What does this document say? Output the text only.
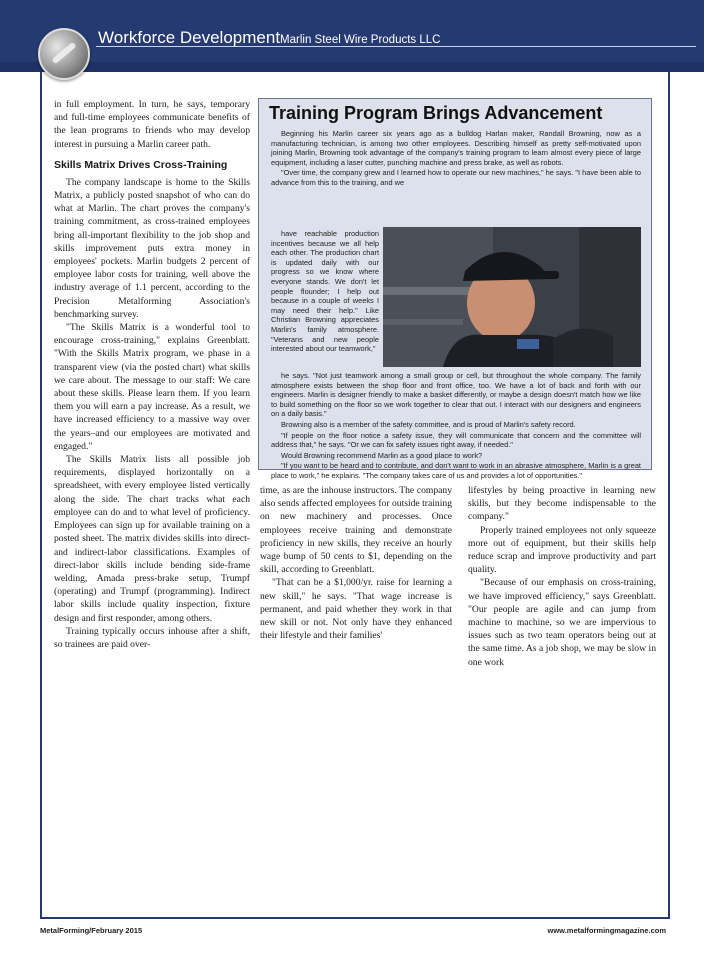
Workforce DevelopmentMarlin Steel Wire Products LLC

in full employment. In turn, he says, temporary and full-time employees communicate benefits of the lean programs to friends who may develop interest in pursuing a Marlin career path.

Skills Matrix Drives Cross-Training

The company landscape is home to the Skills Matrix, a publicly posted snapshot of who can do what at Marlin. The chart proves the company's training commitment, as cross-trained employees bring all-important flexibility to the job shop and skills improvement puts extra money in employees' pockets. Marlin budgets 2 percent of employee labor costs for training, well above the industry average of 1.1 percent, according to the Precision Metalforming Association's benchmarking survey.

"The Skills Matrix is a wonderful tool to encourage cross-training," explains Greenblatt. "With the Skills Matrix program, we phase in a transparent view (via the posted chart) what skills we care about. The message to our staff: We care about these skills. Please learn them. If you learn them you will earn a pay increase. As a result, we have increased efficiency to a massive way over the years–and our employees are motivated and engaged."

The Skills Matrix lists all possible job requirements, displayed horizontally on a spreadsheet, with every employee listed vertically along the side. The chart tracks what each employee can do and to what level of proficiency. Employees can sign up for available training on a posted sheet. The matrix divides skills into direct- and indirect-labor classifications. Examples of direct-labor skills include bending side-frame welding, Amada press-brake setup, Trumpf (operating) and Trumpf (programming). Indirect labor skills include quality inspection, fixture design and first responder, among others.

Training typically occurs inhouse after a shift, so trainees are paid over-

Training Program Brings Advancement

Beginning his Marlin career six years ago as a bulldog Harlan maker, Randall Browning, now as a manufacturing technician, is among two other employees. Describing himself as pretty self-motivated upon joining Marlin, Browning took advantage of the company's training program to learn almost every piece of large equipment, including a laser cutter, punching machine and press brake, as well as robots.

"Over time, the company grew and I learned how to operate our new machines," he says. "I have been able to advance from this to the training, and we

have reachable production incentives because we all help each other. The production chart is updated daily with our progress so we know where everyone stands. We don't let people flounder; I help out because in a couple of weeks I may need their help." Like Christian Browning appreciates Marlin's family atmosphere. "Veterans and new people interested about our teamwork,"

he says. "Not just teamwork among a small group or cell, but throughout the whole company. The family atmosphere exists between the shop floor and front office, too. We have a lot of back and forth with our engineers. Marlin is designer friendly to make a basket differently, or maybe a design doesn't match how we like to build something on the floor so we work together to clear that out. I interact with our designers and engineers on a daily basis."

Browning also is a member of the safety committee, and is proud of Marlin's safety record.

"If people on the floor notice a safety issue, they will communicate that concern and the committee will address that," he says. "Or we can fix safety issues right away, if needed."

Would Browning recommend Marlin as a good place to work?

"If you want to be heard and to contribute, and don't want to work in an abrasive atmosphere, Marlin is a great place to work," he explains. "The company takes care of us and provides a lot of opportunities."

time, as are the inhouse instructors. The company also sends affected employees for outside training on new machinery and processes. Once employees receive training and demonstrate proficiency in new skills, they receive an hourly wage bump of 50 cents to $1, depending on the skill, according to Greenblatt.

"That can be a $1,000/yr. raise for learning a new skill," he says. "That wage increase is permanent, and paid whether they work in that new skill or not. Not only have they enhanced their lifestyle and their families'

lifestyles by being proactive in learning new skills, but they become indispensable to the company."

Properly trained employees not only squeeze more out of equipment, but their skills help reduce scrap and improve productivity and part quality.

"Because of our emphasis on cross-training, we have improved efficiency," says Greenblatt. "Our people are agile and can jump from machine to machine, so we are impervious to issues such as two team operators being out at the same time. As a job shop, we may be slow in one work

MetalForming/February 2015	www.metalformingmagazine.com
